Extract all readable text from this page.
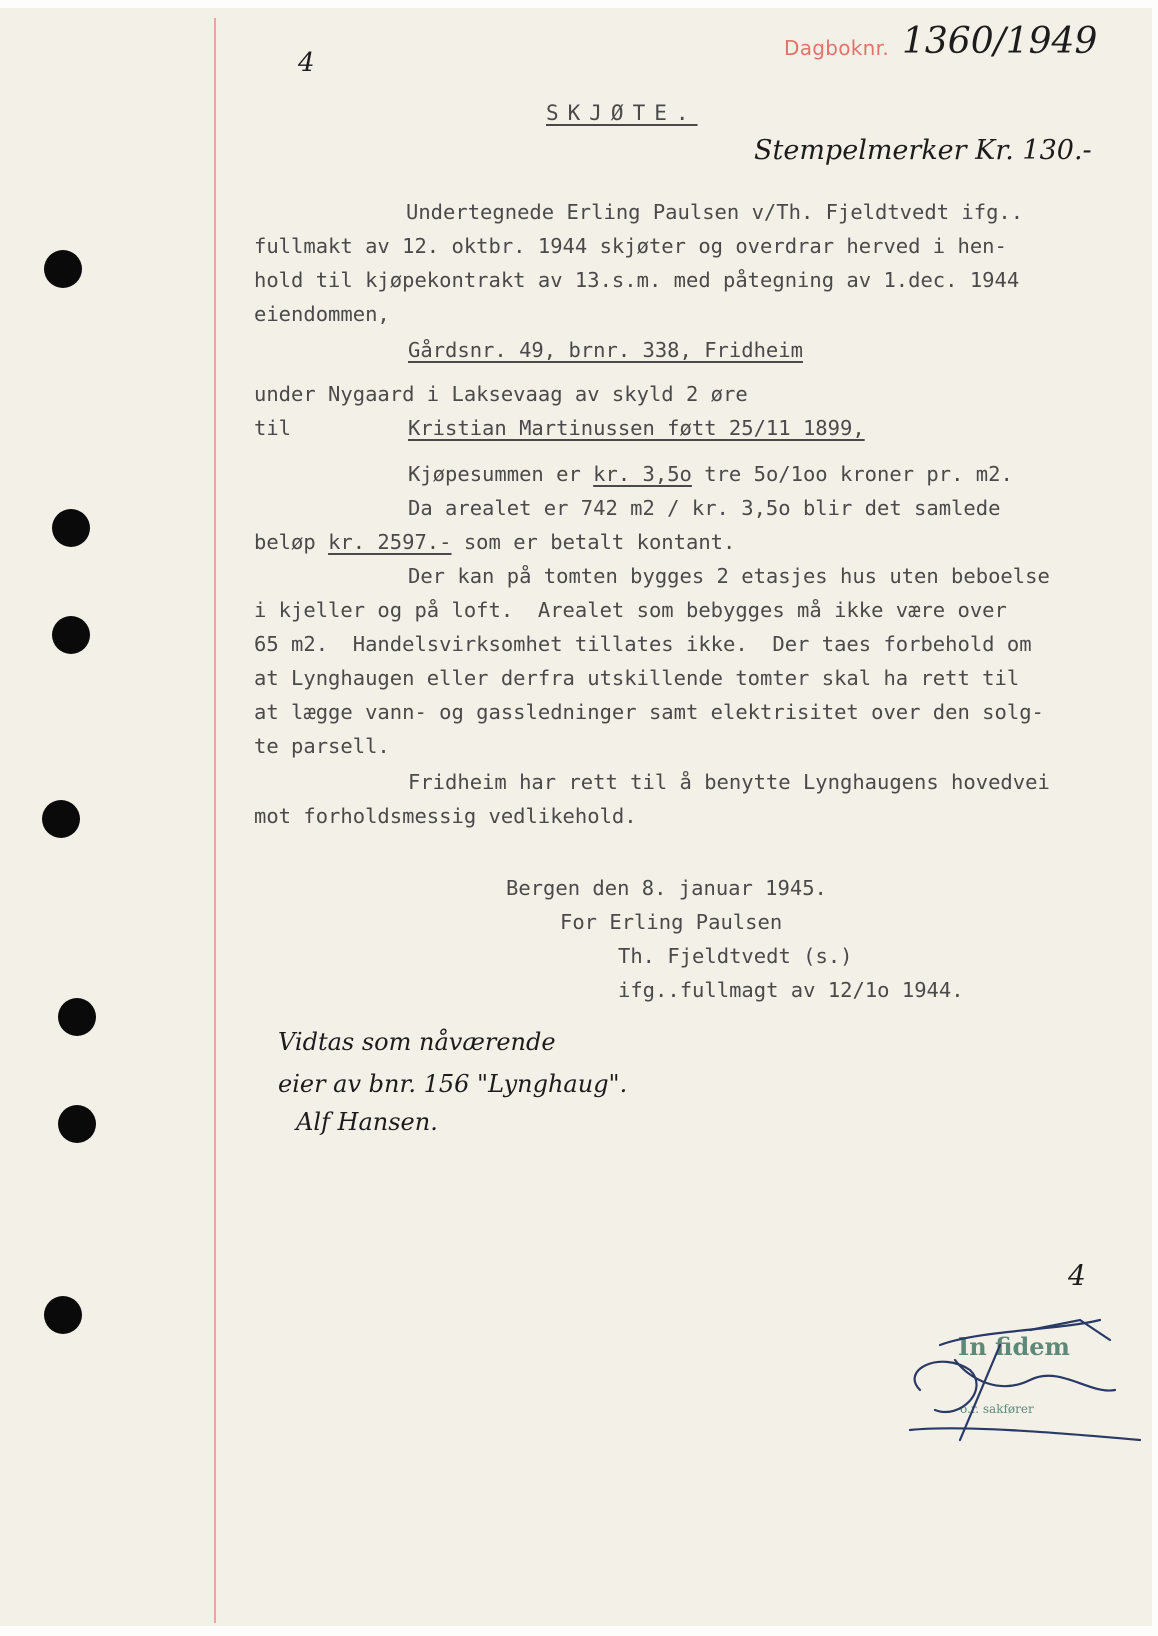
4	Dagboknr. 1360/1949
Stempelmerker Kr. 130.-
SKJØTE.
Undertegnede Erling Paulsen v/Th. Fjeldtvedt ifg..
fullmakt av 12. oktbr. 1944 skjøter og overdrar herved i hen-
hold til kjøpekontrakt av 13.s.m. med påtegning av 1.dec. 1944
eiendommen,
Gårdsnr. 49, brnr. 338, Fridheim
under Nygaard i Laksevaag av skyld 2 øre
til	Kristian Martinussen føtt 25/11 1899,
Kjøpesummen er kr. 3,5o tre 5o/1oo kroner pr. m2.
Da arealet er 742 m2 / kr. 3,5o blir det samlede
beløp kr. 2597.- som er betalt kontant.
Der kan på tomten bygges 2 etasjes hus uten beboelse
i kjeller og på loft.  Arealet som bebygges må ikke være over
65 m2.  Handelsvirksomhet tillates ikke.  Der taes forbehold om
at Lynghaugen eller derfra utskillende tomter skal ha rett til
at lægge vann- og gassledninger samt elektrisitet over den solg-
te parsell.
Fridheim har rett til å benytte Lynghaugens hovedvei
mot forholdsmessig vedlikehold.
Bergen den 8. januar 1945.
For Erling Paulsen
Th. Fjeldtvedt (s.)
ifg..fullmagt av 12/1o 1944.
Vidtas som nåværende
eier av bnr. 156 "Lynghaug".
Alf Hansen.
4
In fidem
o.r. sakfører
